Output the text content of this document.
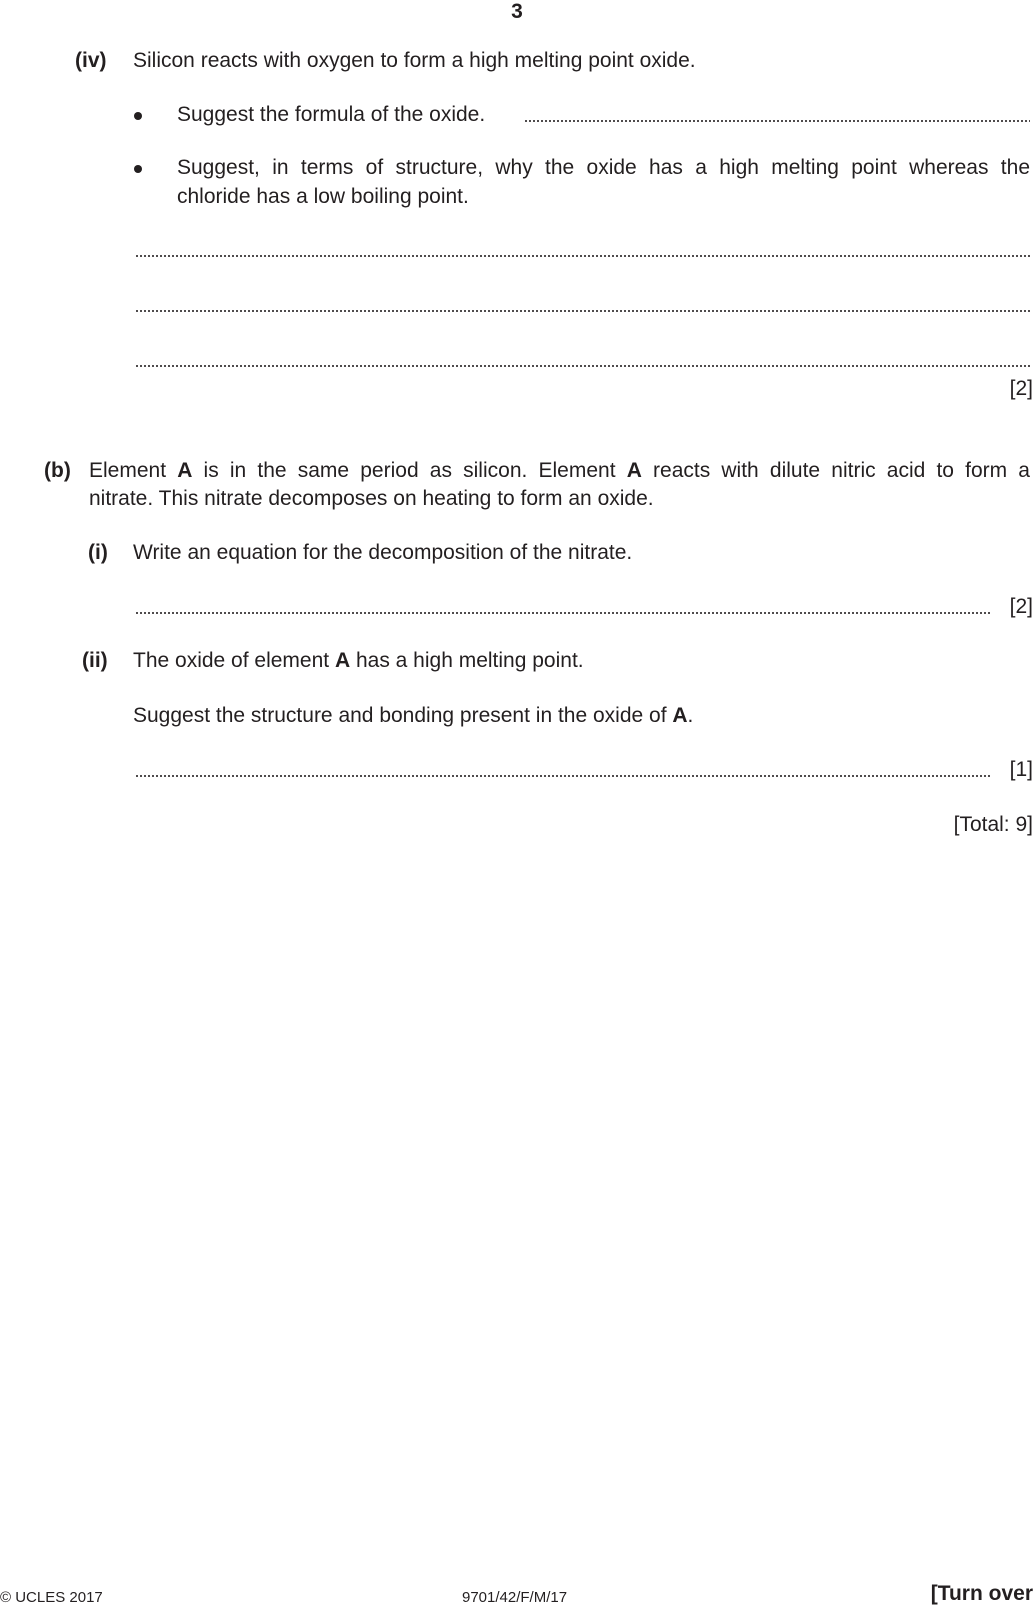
3
(iv) Silicon reacts with oxygen to form a high melting point oxide.
Suggest the formula of the oxide.
Suggest, in terms of structure, why the oxide has a high melting point whereas the
chloride has a low boiling point.
[2]
(b) Element A is in the same period as silicon. Element A reacts with dilute nitric acid to form a
nitrate. This nitrate decomposes on heating to form an oxide.
(i) Write an equation for the decomposition of the nitrate.
[2]
(ii) The oxide of element A has a high melting point.
Suggest the structure and bonding present in the oxide of A.
[1]
[Total: 9]
© UCLES 2017	9701/42/F/M/17	[Turn over
